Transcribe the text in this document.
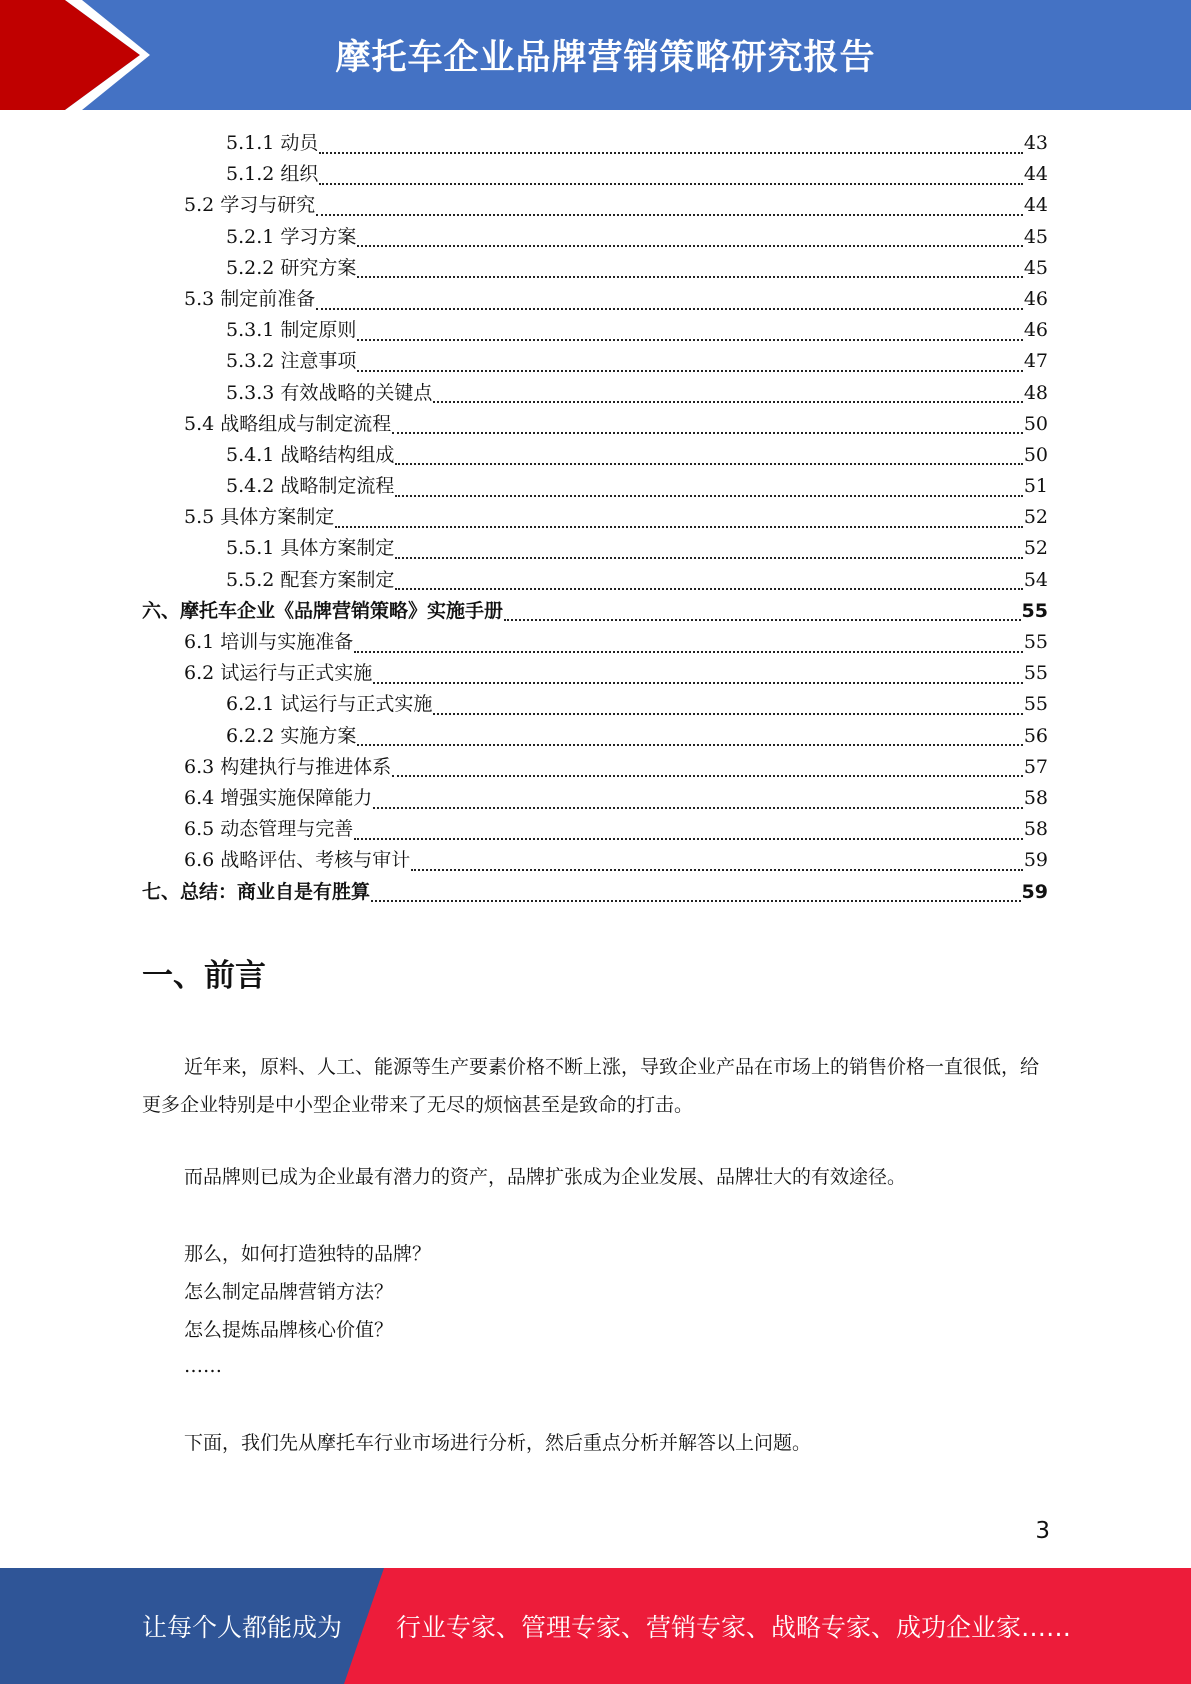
摩托车企业品牌营销策略研究报告
5.1.1 动员	43
5.1.2 组织	44
5.2 学习与研究	44
5.2.1 学习方案	45
5.2.2 研究方案	45
5.3 制定前准备	46
5.3.1 制定原则	46
5.3.2 注意事项	47
5.3.3 有效战略的关键点	48
5.4 战略组成与制定流程	50
5.4.1 战略结构组成	50
5.4.2 战略制定流程	51
5.5 具体方案制定	52
5.5.1 具体方案制定	52
5.5.2 配套方案制定	54
六、摩托车企业《品牌营销策略》实施手册	55
6.1 培训与实施准备	55
6.2 试运行与正式实施	55
6.2.1 试运行与正式实施	55
6.2.2 实施方案	56
6.3 构建执行与推进体系	57
6.4 增强实施保障能力	58
6.5 动态管理与完善	58
6.6 战略评估、考核与审计	59
七、总结：商业自是有胜算	59
一、前言

近年来，原料、人工、能源等生产要素价格不断上涨，导致企业产品在市场上的销售价格一直很低，给更多企业特别是中小型企业带来了无尽的烦恼甚至是致命的打击。

而品牌则已成为企业最有潜力的资产，品牌扩张成为企业发展、品牌壮大的有效途径。

那么，如何打造独特的品牌？

怎么制定品牌营销方法？

怎么提炼品牌核心价值？

……

下面，我们先从摩托车行业市场进行分析，然后重点分析并解答以上问题。

3
让每个人都能成为 行业专家、管理专家、营销专家、战略专家、成功企业家……
